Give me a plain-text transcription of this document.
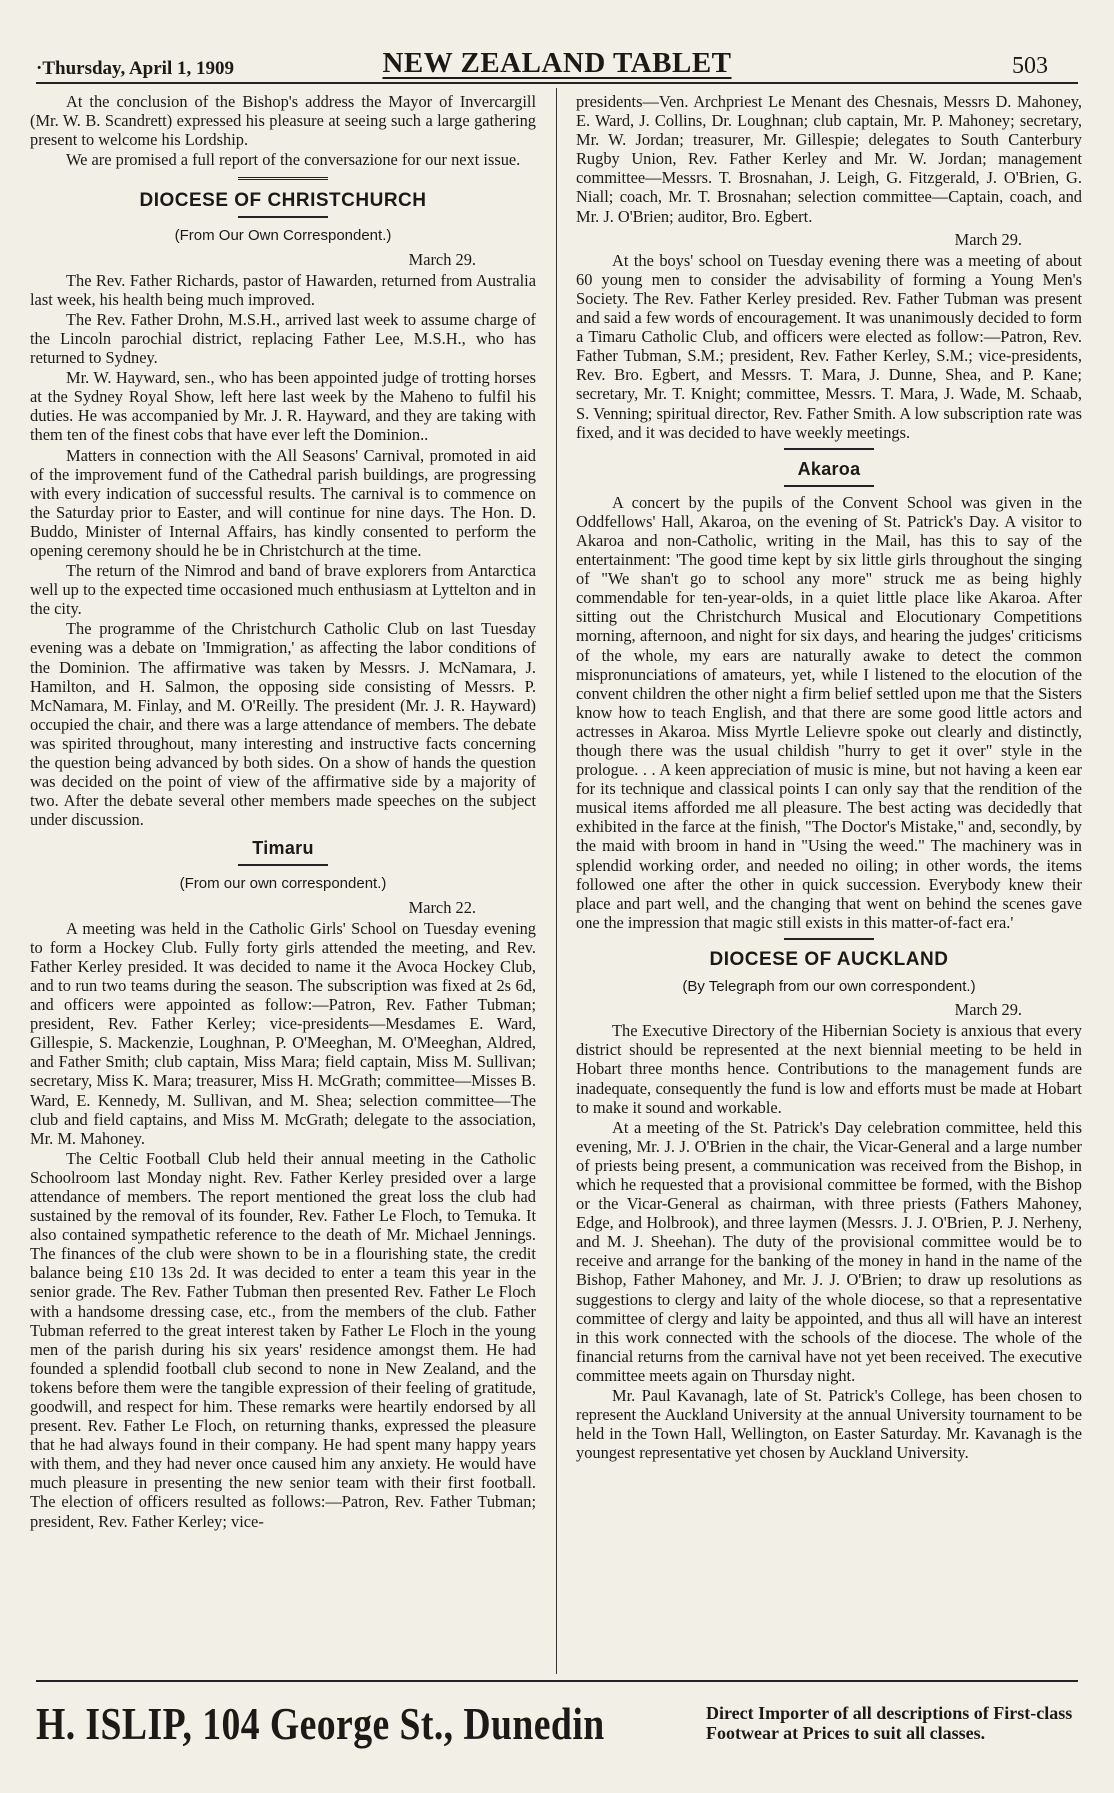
·Thursday, April 1, 1909	NEW ZEALAND TABLET	503

At the conclusion of the Bishop's address the Mayor of Invercargill (Mr. W. B. Scandrett) expressed his pleasure at seeing such a large gathering present to welcome his Lordship.

We are promised a full report of the conversazione for our next issue.

DIOCESE OF CHRISTCHURCH
(From Our Own Correspondent.)
March 29.

The Rev. Father Richards, pastor of Hawarden, returned from Australia last week, his health being much improved.

The Rev. Father Drohn, M.S.H., arrived last week to assume charge of the Lincoln parochial district, replacing Father Lee, M.S.H., who has returned to Sydney.

Mr. W. Hayward, sen., who has been appointed judge of trotting horses at the Sydney Royal Show, left here last week by the Maheno to fulfil his duties. He was accompanied by Mr. J. R. Hayward, and they are taking with them ten of the finest cobs that have ever left the Dominion..

Matters in connection with the All Seasons' Carnival, promoted in aid of the improvement fund of the Cathedral parish buildings, are progressing with every indication of successful results. The carnival is to commence on the Saturday prior to Easter, and will continue for nine days. The Hon. D. Buddo, Minister of Internal Affairs, has kindly consented to perform the opening ceremony should he be in Christchurch at the time.

The return of the Nimrod and band of brave explorers from Antarctica well up to the expected time occasioned much enthusiasm at Lyttelton and in the city.

The programme of the Christchurch Catholic Club on last Tuesday evening was a debate on 'Immigration,' as affecting the labor conditions of the Dominion. The affirmative was taken by Messrs. J. McNamara, J. Hamilton, and H. Salmon, the opposing side consisting of Messrs. P. McNamara, M. Finlay, and M. O'Reilly. The president (Mr. J. R. Hayward) occupied the chair, and there was a large attendance of members. The debate was spirited throughout, many interesting and instructive facts concerning the question being advanced by both sides. On a show of hands the question was decided on the point of view of the affirmative side by a majority of two. After the debate several other members made speeches on the subject under discussion.

Timaru
(From our own correspondent.)
March 22.

A meeting was held in the Catholic Girls' School on Tuesday evening to form a Hockey Club. Fully forty girls attended the meeting, and Rev. Father Kerley presided. It was decided to name it the Avoca Hockey Club, and to run two teams during the season. The subscription was fixed at 2s 6d, and officers were appointed as follow:—Patron, Rev. Father Tubman; president, Rev. Father Kerley; vice-presidents—Mesdames E. Ward, Gillespie, S. Mackenzie, Loughnan, P. O'Meeghan, M. O'Meeghan, Aldred, and Father Smith; club captain, Miss Mara; field captain, Miss M. Sullivan; secretary, Miss K. Mara; treasurer, Miss H. McGrath; committee—Misses B. Ward, E. Kennedy, M. Sullivan, and M. Shea; selection committee—The club and field captains, and Miss M. McGrath; delegate to the association, Mr. M. Mahoney.

The Celtic Football Club held their annual meeting in the Catholic Schoolroom last Monday night. Rev. Father Kerley presided over a large attendance of members. The report mentioned the great loss the club had sustained by the removal of its founder, Rev. Father Le Floch, to Temuka. It also contained sympathetic reference to the death of Mr. Michael Jennings. The finances of the club were shown to be in a flourishing state, the credit balance being £10 13s 2d. It was decided to enter a team this year in the senior grade. The Rev. Father Tubman then presented Rev. Father Le Floch with a handsome dressing case, etc., from the members of the club. Father Tubman referred to the great interest taken by Father Le Floch in the young men of the parish during his six years' residence amongst them. He had founded a splendid football club second to none in New Zealand, and the tokens before them were the tangible expression of their feeling of gratitude, goodwill, and respect for him. These remarks were heartily endorsed by all present. Rev. Father Le Floch, on returning thanks, expressed the pleasure that he had always found in their company. He had spent many happy years with them, and they had never once caused him any anxiety. He would have much pleasure in presenting the new senior team with their first football. The election of officers resulted as follows:—Patron, Rev. Father Tubman; president, Rev. Father Kerley; vice-

presidents—Ven. Archpriest Le Menant des Chesnais, Messrs D. Mahoney, E. Ward, J. Collins, Dr. Loughnan; club captain, Mr. P. Mahoney; secretary, Mr. W. Jordan; treasurer, Mr. Gillespie; delegates to South Canterbury Rugby Union, Rev. Father Kerley and Mr. W. Jordan; management committee—Messrs. T. Brosnahan, J. Leigh, G. Fitzgerald, J. O'Brien, G. Niall; coach, Mr. T. Brosnahan; selection committee—Captain, coach, and Mr. J. O'Brien; auditor, Bro. Egbert.

March 29.

At the boys' school on Tuesday evening there was a meeting of about 60 young men to consider the advisability of forming a Young Men's Society. The Rev. Father Kerley presided. Rev. Father Tubman was present and said a few words of encouragement. It was unanimously decided to form a Timaru Catholic Club, and officers were elected as follow:—Patron, Rev. Father Tubman, S.M.; president, Rev. Father Kerley, S.M.; vice-presidents, Rev. Bro. Egbert, and Messrs. T. Mara, J. Dunne, Shea, and P. Kane; secretary, Mr. T. Knight; committee, Messrs. T. Mara, J. Wade, M. Schaab, S. Venning; spiritual director, Rev. Father Smith. A low subscription rate was fixed, and it was decided to have weekly meetings.

Akaroa

A concert by the pupils of the Convent School was given in the Oddfellows' Hall, Akaroa, on the evening of St. Patrick's Day. A visitor to Akaroa and non-Catholic, writing in the Mail, has this to say of the entertainment: 'The good time kept by six little girls throughout the singing of "We shan't go to school any more" struck me as being highly commendable for ten-year-olds, in a quiet little place like Akaroa. After sitting out the Christchurch Musical and Elocutionary Competitions morning, afternoon, and night for six days, and hearing the judges' criticisms of the whole, my ears are naturally awake to detect the common mispronunciations of amateurs, yet, while I listened to the elocution of the convent children the other night a firm belief settled upon me that the Sisters know how to teach English, and that there are some good little actors and actresses in Akaroa. Miss Myrtle Lelievre spoke out clearly and distinctly, though there was the usual childish "hurry to get it over" style in the prologue. . . A keen appreciation of music is mine, but not having a keen ear for its technique and classical points I can only say that the rendition of the musical items afforded me all pleasure. The best acting was decidedly that exhibited in the farce at the finish, "The Doctor's Mistake," and, secondly, by the maid with broom in hand in "Using the weed." The machinery was in splendid working order, and needed no oiling; in other words, the items followed one after the other in quick succession. Everybody knew their place and part well, and the changing that went on behind the scenes gave one the impression that magic still exists in this matter-of-fact era.'

DIOCESE OF AUCKLAND
(By Telegraph from our own correspondent.)
March 29.

The Executive Directory of the Hibernian Society is anxious that every district should be represented at the next biennial meeting to be held in Hobart three months hence. Contributions to the management funds are inadequate, consequently the fund is low and efforts must be made at Hobart to make it sound and workable.

At a meeting of the St. Patrick's Day celebration committee, held this evening, Mr. J. J. O'Brien in the chair, the Vicar-General and a large number of priests being present, a communication was received from the Bishop, in which he requested that a provisional committee be formed, with the Bishop or the Vicar-General as chairman, with three priests (Fathers Mahoney, Edge, and Holbrook), and three laymen (Messrs. J. J. O'Brien, P. J. Nerheny, and M. J. Sheehan). The duty of the provisional committee would be to receive and arrange for the banking of the money in hand in the name of the Bishop, Father Mahoney, and Mr. J. J. O'Brien; to draw up resolutions as suggestions to clergy and laity of the whole diocese, so that a representative committee of clergy and laity be appointed, and thus all will have an interest in this work connected with the schools of the diocese. The whole of the financial returns from the carnival have not yet been received. The executive committee meets again on Thursday night.

Mr. Paul Kavanagh, late of St. Patrick's College, has been chosen to represent the Auckland University at the annual University tournament to be held in the Town Hall, Wellington, on Easter Saturday. Mr. Kavanagh is the youngest representative yet chosen by Auckland University.

H. ISLIP, 104 George St., Dunedin	Direct Importer of all descriptions of First-class
Footwear at Prices to suit all classes.
